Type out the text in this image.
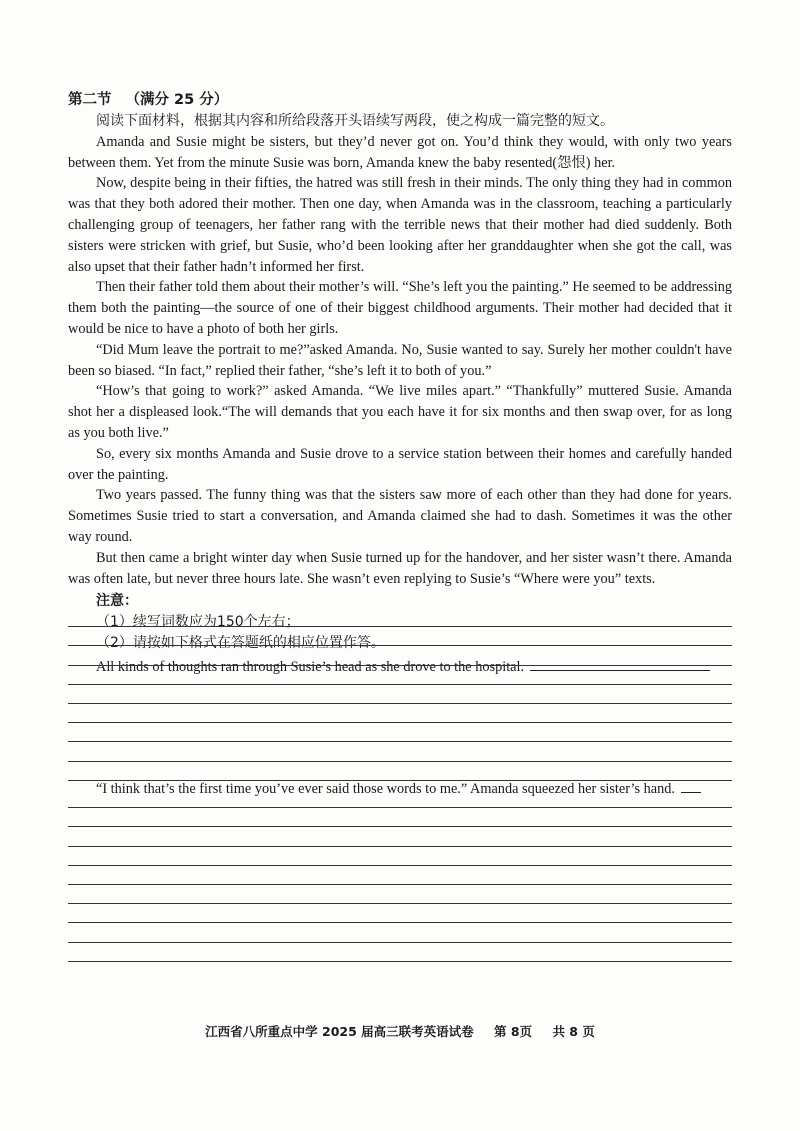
第二节 （满分 25 分）

阅读下面材料，根据其内容和所给段落开头语续写两段，使之构成一篇完整的短文。

Amanda and Susie might be sisters, but they’d never got on. You’d think they would, with only two years between them. Yet from the minute Susie was born, Amanda knew the baby resented(怨恨) her.

Now, despite being in their fifties, the hatred was still fresh in their minds. The only thing they had in common was that they both adored their mother. Then one day, when Amanda was in the classroom, teaching a particularly challenging group of teenagers, her father rang with the terrible news that their mother had died suddenly. Both sisters were stricken with grief, but Susie, who’d been looking after her granddaughter when she got the call, was also upset that their father hadn’t informed her first.

Then their father told them about their mother’s will. “She’s left you the painting.” He seemed to be addressing them both the painting—the source of one of their biggest childhood arguments. Their mother had decided that it would be nice to have a photo of both her girls.

“Did Mum leave the portrait to me?”asked Amanda. No, Susie wanted to say. Surely her mother couldn't have been so biased. “In fact,” replied their father, “she’s left it to both of you.”

“How’s that going to work?” asked Amanda. “We live miles apart.” “Thankfully” muttered Susie. Amanda shot her a displeased look.“The will demands that you each have it for six months and then swap over, for as long as you both live.”

So, every six months Amanda and Susie drove to a service station between their homes and carefully handed over the painting.

Two years passed. The funny thing was that the sisters saw more of each other than they had done for years. Sometimes Susie tried to start a conversation, and Amanda claimed she had to dash. Sometimes it was the other way round.

But then came a bright winter day when Susie turned up for the handover, and her sister wasn’t there. Amanda was often late, but never three hours late. She wasn’t even replying to Susie’s “Where were you” texts.

注意：
（1）续写词数应为150个左右；
（2）请按如下格式在答题纸的相应位置作答。

All kinds of thoughts ran through Susie’s head as she drove to the hospital.

“I think that’s the first time you’ve ever said those words to me.” Amanda squeezed her sister’s hand.

江西省八所重点中学 2025 届高三联考英语试卷 第 8页 共 8 页
